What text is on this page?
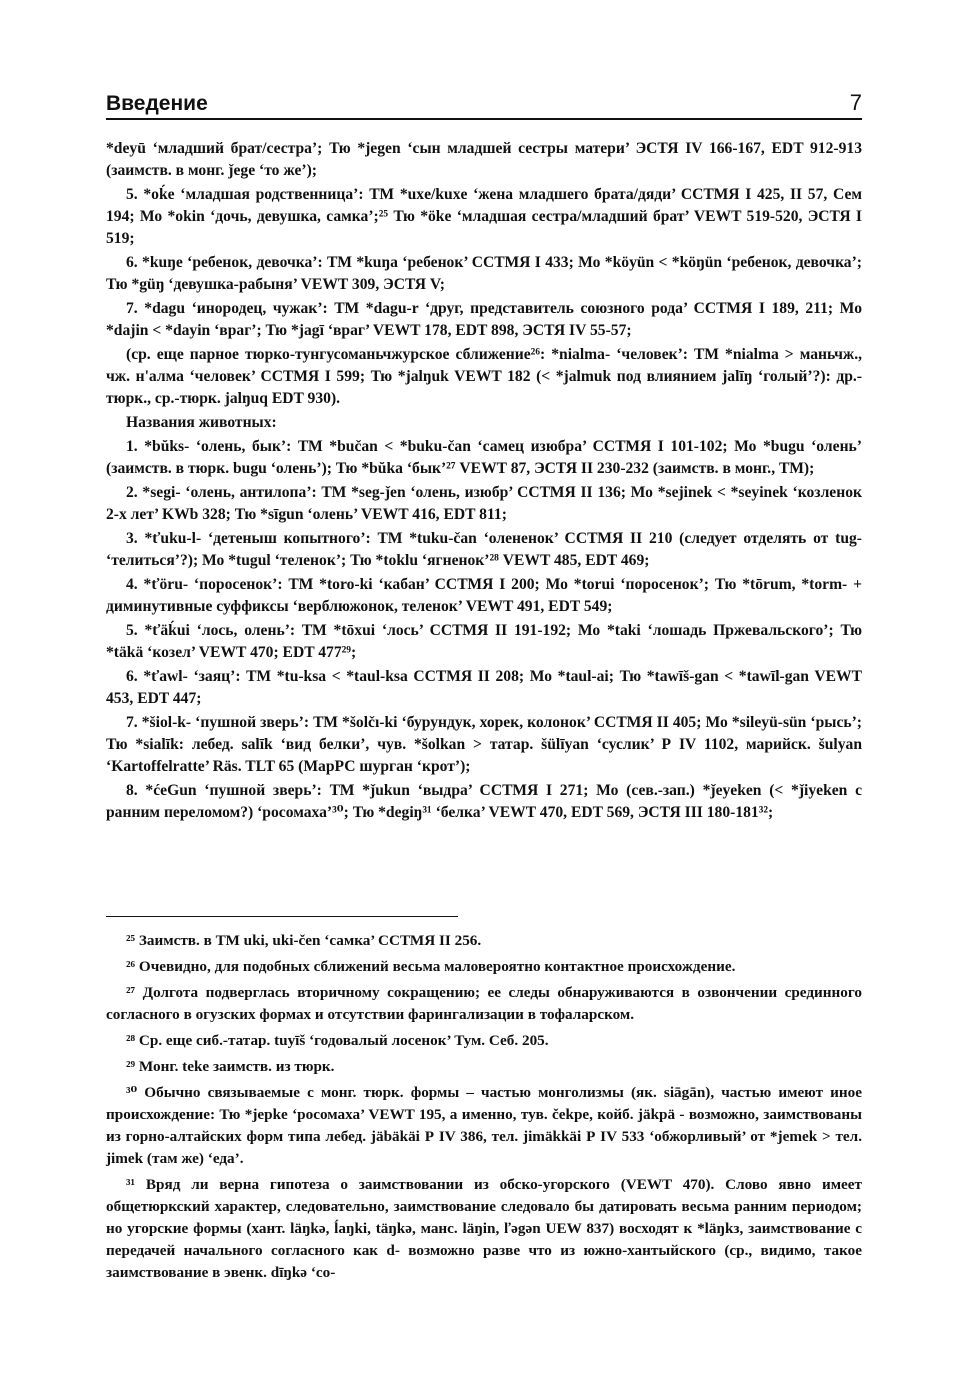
Введение	7

*deyū ‘младший брат/сестра’; Тю *jegen ‘сын младшей сестры матери’ ЭСТЯ IV 166-167, EDT 912-913 (заимств. в монг. ǰege ‘то же’);

5. *oḱe ‘младшая родственница’: ТМ *uxe/kuxe ‘жена младшего брата/дяди’ ССТМЯ I 425, II 57, Сем 194; Мо *okin ‘дочь, девушка, самка’;²⁵ Тю *öke ‘младшая сестра/младший брат’ VEWT 519-520, ЭСТЯ I 519;

6. *kuŋe ‘ребенок, девочка’: ТМ *kuŋa ‘ребенок’ ССТМЯ I 433; Мо *köyün < *köŋün ‘ребенок, девочка’; Тю *güŋ ‘девушка-рабыня’ VEWT 309, ЭСТЯ V;

7. *dagu ‘инородец, чужак’: ТМ *dagu-r ‘друг, представитель союзного рода’ ССТМЯ I 189, 211; Мо *dajin < *dayin ‘враг’; Тю *jagī ‘враг’ VEWT 178, EDT 898, ЭСТЯ IV 55-57;

(ср. еще парное тюрко-тунгусоманьчжурское сближение²⁶: *nialma- ‘человек’: ТМ *nialma > маньчж., чж. н'алма ‘человек’ ССТМЯ I 599; Тю *jalŋuk VEWT 182 (< *jalmuk под влиянием jalīŋ ‘голый’?): др.-тюрк., ср.-тюрк. jalŋuq EDT 930).

Названия животных:

1. *bŭks- ‘олень, бык’: ТМ *bučan < *buku-čan ‘самец изюбра’ ССТМЯ I 101-102; Мо *bugu ‘олень’ (заимств. в тюрк. bugu ‘олень’); Тю *bŭka ‘бык’²⁷ VEWT 87, ЭСТЯ II 230-232 (заимств. в монг., ТМ);

2. *segi- ‘олень, антилопа’: ТМ *seg-ǰen ‘олень, изюбр’ ССТМЯ II 136; Мо *sejinek < *seyinek ‘козленок 2-х лет’ KWb 328; Тю *sīgun ‘олень’ VEWT 416, EDT 811;

3. *ťuku-l- ‘детеныш копытного’: ТМ *tuku-čan ‘олененок’ ССТМЯ II 210 (следует отделять от tug- ‘телиться’?); Мо *tugul ‘теленок’; Тю *toklu ‘ягненок’²⁸ VEWT 485, EDT 469;

4. *ťöru- ‘поросенок’: ТМ *toro-ki ‘кабан’ ССТМЯ I 200; Мо *torui ‘поросенок’; Тю *tōrum, *torm- + диминутивные суффиксы ‘верблюжонок, теленок’ VEWT 491, EDT 549;

5. *ťäḱui ‘лось, олень’: ТМ *tōxui ‘лось’ ССТМЯ II 191-192; Мо *taki ‘лошадь Пржевальского’; Тю *täkä ‘козел’ VEWT 470; EDT 477²⁹;

6. *ťawl- ‘заяц’: ТМ *tu-ksa < *taul-ksa ССТМЯ II 208; Мо *taul-ai; Тю *tawīš-gan < *tawīl-gan VEWT 453, EDT 447;

7. *šiol-k- ‘пушной зверь’: ТМ *šolčı-ki ‘бурундук, хорек, колонок’ ССТМЯ II 405; Мо *sileyü-sün ‘рысь’; Тю *sialīk: лебед. salīk ‘вид белки’, чув. *šolkan > татар. šülīyan ‘суслик’ Р IV 1102, марийск. šulyan ‘Kartoffelratte’ Räs. TLT 65 (МарРС шурган ‘крот’);

8. *ćeGun ‘пушной зверь’: ТМ *ǰukun ‘выдра’ ССТМЯ I 271; Мо (сев.-зап.) *ǰeyeken (< *ǰiyeken с ранним переломом?) ‘росомаха’³⁰; Тю *degiŋ³¹ ‘белка’ VEWT 470, EDT 569, ЭСТЯ III 180-181³²;

²⁵ Заимств. в ТМ uki, uki-čen ‘самка’ ССТМЯ II 256.

²⁶ Очевидно, для подобных сближений весьма маловероятно контактное происхождение.

²⁷ Долгота подверглась вторичному сокращению; ее следы обнаруживаются в озвончении срединного согласного в огузских формах и отсутствии фарингализации в тофаларском.

²⁸ Ср. еще сиб.-татар. tuyīš ‘годовалый лосенок’ Тум. Себ. 205.

²⁹ Монг. teke заимств. из тюрк.

³⁰ Обычно связываемые с монг. тюрк. формы – частью монголизмы (як. siāgān), частью имеют иное происхождение: Тю *jepke ‘росомаха’ VEWT 195, а именно, тув. čekpe, койб. jäkpä - возможно, заимствованы из горно-алтайских форм типа лебед. jäbäkäi Р IV 386, тел. jimäkkäi Р IV 533 ‘обжорливый’ от *jemek > тел. jimek (там же) ‘еда’.

³¹ Вряд ли верна гипотеза о заимствовании из обско-угорского (VEWT 470). Слово явно имеет общетюркский характер, следовательно, заимствование следовало бы датировать весьма ранним периодом; но угорские формы (хант. läŋkə, ĺаŋki, täŋkə, манс. läŋin, ľəgən UEW 837) восходят к *läŋkз, заимствование с передачей начального согласного как d- возможно разве что из южно-хантыйского (ср., видимо, такое заимствование в эвенк. dīŋkə ‘со-
